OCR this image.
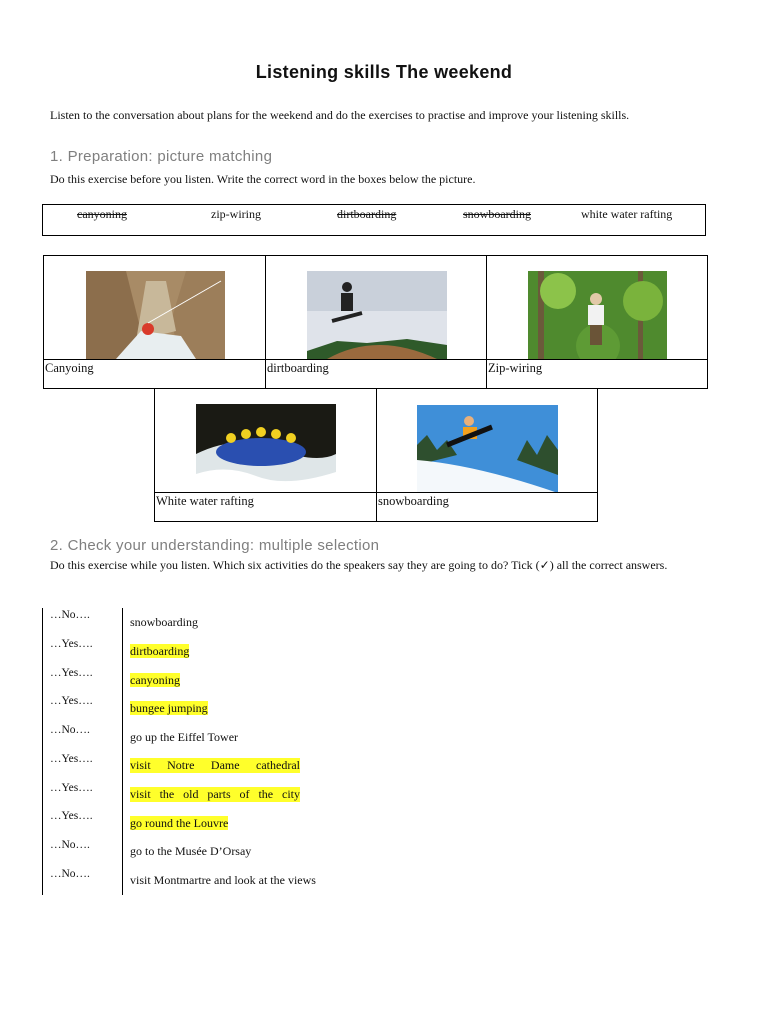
Listening skills The weekend
Listen to the conversation about plans for the weekend and do the exercises to practise and improve your listening skills.
1. Preparation: picture matching
Do this exercise before you listen. Write the correct word in the boxes below the picture.
canyoning	zip-wiring	dirtboarding	snowboarding	white water rafting
Canyoing	dirtboarding	Zip-wiring
White water rafting	snowboarding
2. Check your understanding: multiple selection
Do this exercise while you listen. Which six activities do the speakers say they are going to do? Tick (✓) all the correct answers.
…No….	snowboarding
…Yes….	dirtboarding
…Yes….	canyoning
…Yes….	bungee jumping
…No….	go up the Eiffel Tower
…Yes….	visit Notre Dame cathedral
…Yes….	visit the old parts of the city
…Yes….	go round the Louvre
…No….	go to the Musée D’Orsay
…No….	visit Montmartre and look at the views
